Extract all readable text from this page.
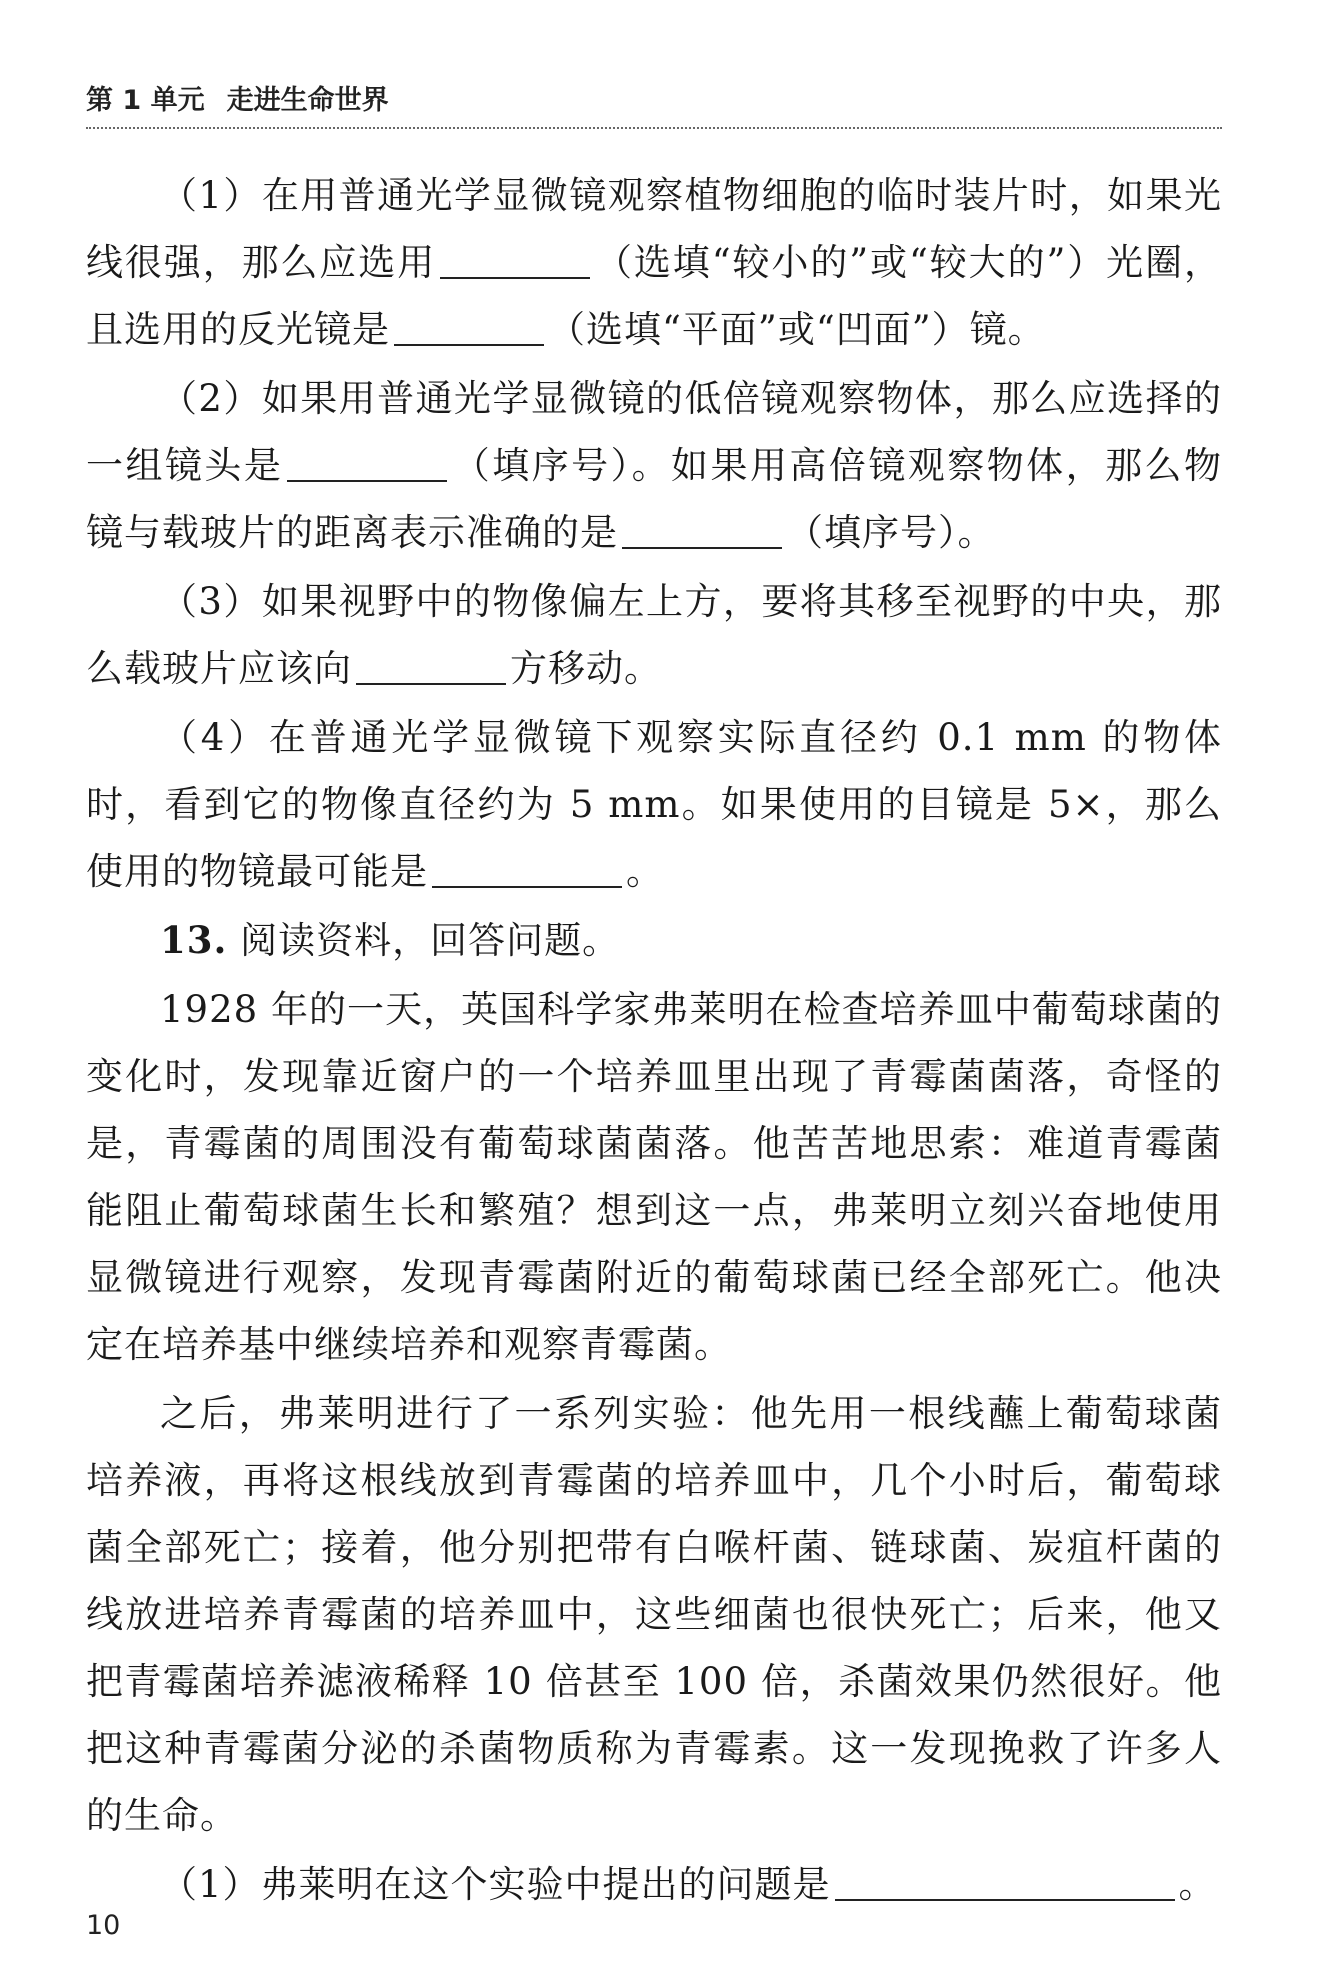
第 1 单元 走进生命世界

（1）在用普通光学显微镜观察植物细胞的临时装片时，如果光线很强，那么应选用	（选填“较小的”或“较大的”）光圈，且选用的反光镜是	（选填“平面”或“凹面”）镜。

（2）如果用普通光学显微镜的低倍镜观察物体，那么应选择的一组镜头是	（填序号）。如果用高倍镜观察物体，那么物镜与载玻片的距离表示准确的是	（填序号）。

（3）如果视野中的物像偏左上方，要将其移至视野的中央，那么载玻片应该向	方移动。

（4）在普通光学显微镜下观察实际直径约 0.1 mm 的物体时，看到它的物像直径约为 5 mm。如果使用的目镜是 5×，那么使用的物镜最可能是	。

13. 阅读资料，回答问题。

1928 年的一天，英国科学家弗莱明在检查培养皿中葡萄球菌的变化时，发现靠近窗户的一个培养皿里出现了青霉菌菌落，奇怪的是，青霉菌的周围没有葡萄球菌菌落。他苦苦地思索：难道青霉菌能阻止葡萄球菌生长和繁殖？想到这一点，弗莱明立刻兴奋地使用显微镜进行观察，发现青霉菌附近的葡萄球菌已经全部死亡。他决定在培养基中继续培养和观察青霉菌。

之后，弗莱明进行了一系列实验：他先用一根线蘸上葡萄球菌培养液，再将这根线放到青霉菌的培养皿中，几个小时后，葡萄球菌全部死亡；接着，他分别把带有白喉杆菌、链球菌、炭疽杆菌的线放进培养青霉菌的培养皿中，这些细菌也很快死亡；后来，他又把青霉菌培养滤液稀释 10 倍甚至 100 倍，杀菌效果仍然很好。他把这种青霉菌分泌的杀菌物质称为青霉素。这一发现挽救了许多人的生命。

（1）弗莱明在这个实验中提出的问题是	。

10
